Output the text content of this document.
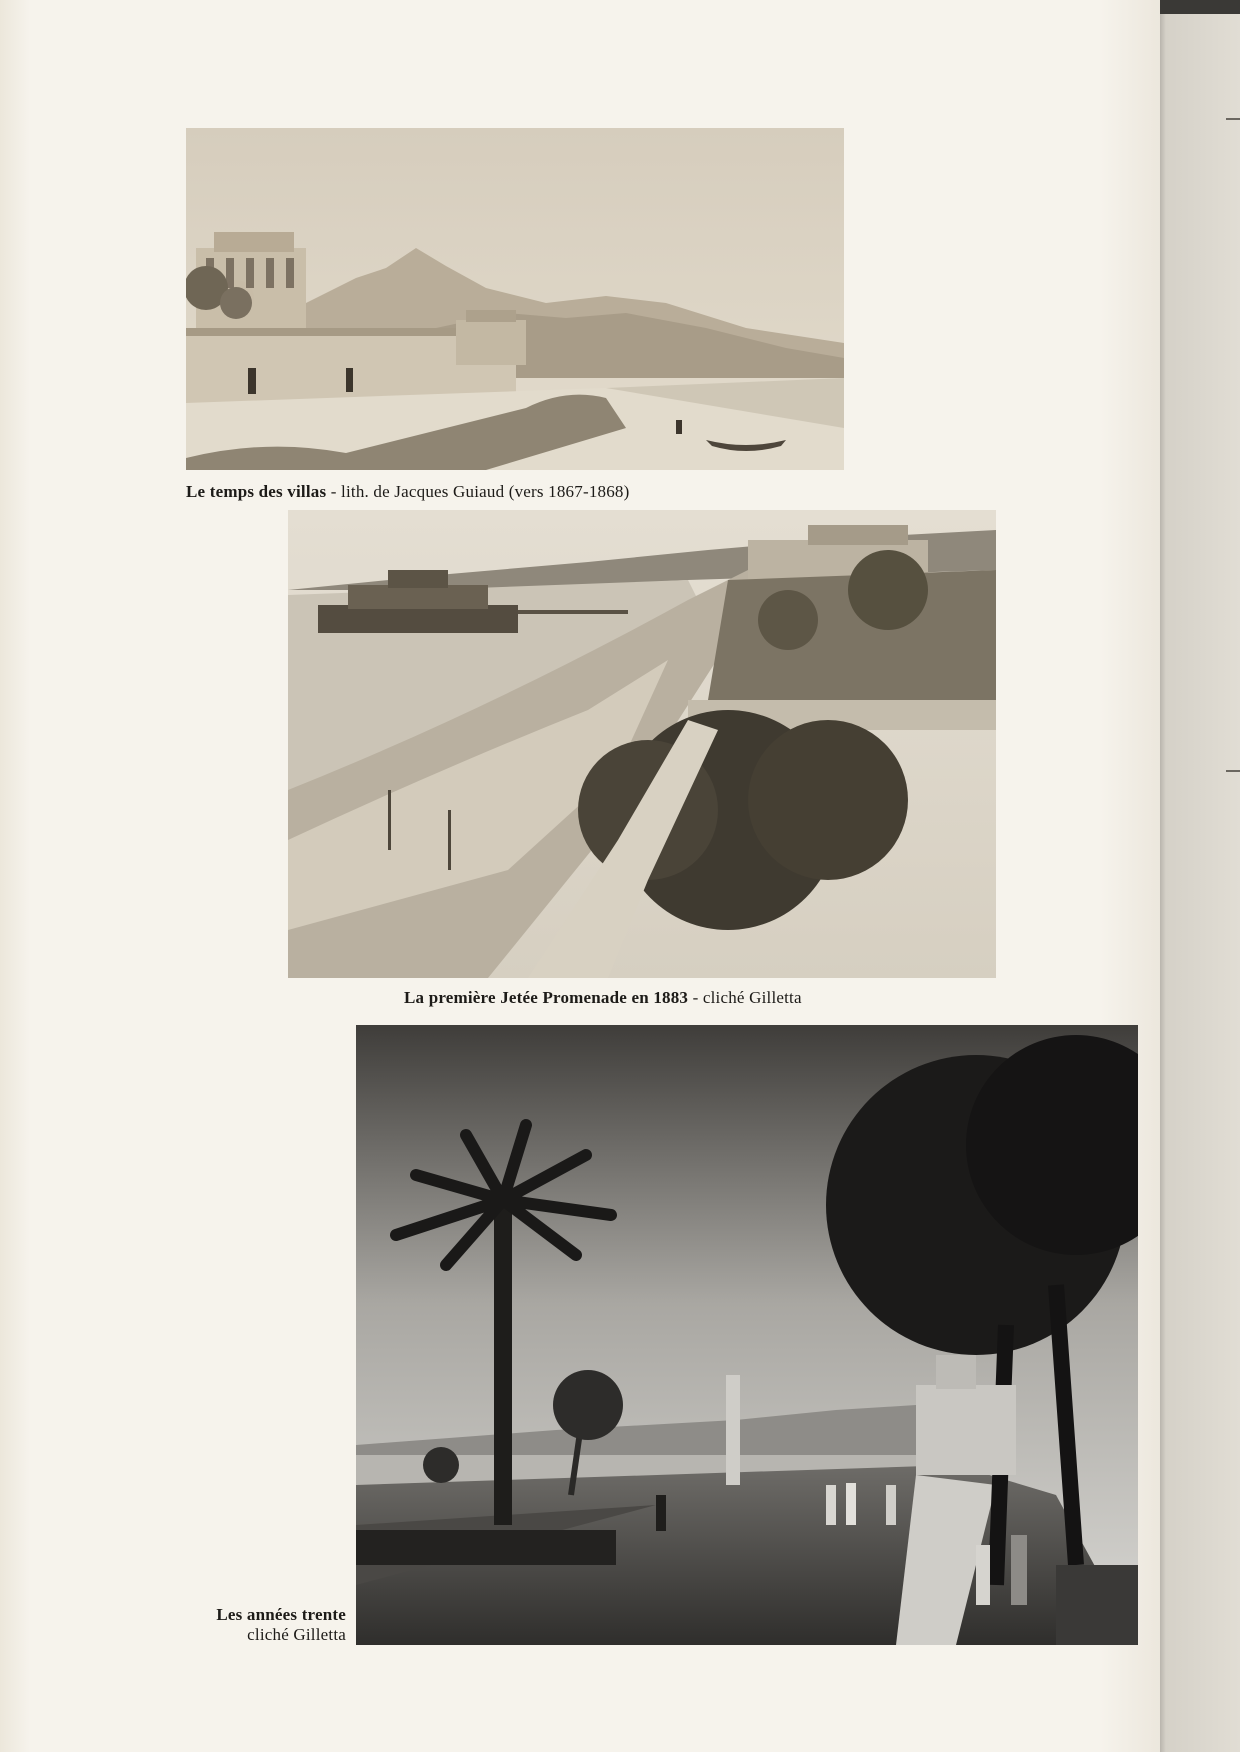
Le temps des villas - lith. de Jacques Guiaud (vers 1867-1868)
La première Jetée Promenade en 1883 - cliché Gilletta
Les années trente
cliché Gilletta
